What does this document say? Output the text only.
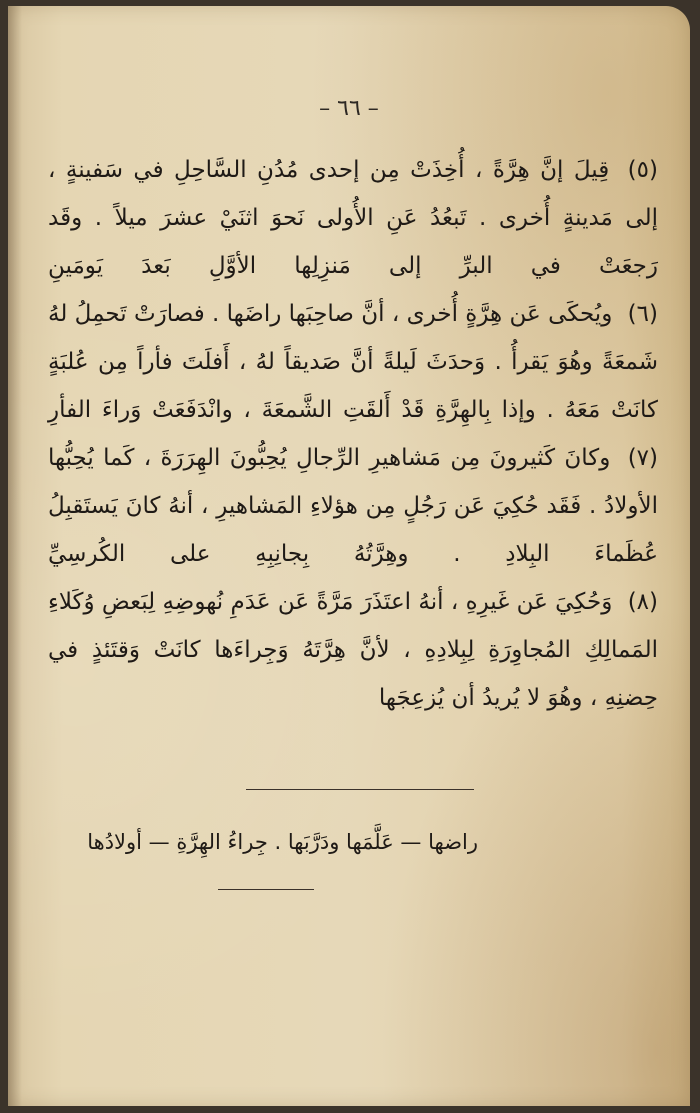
– ٦٦ –

(٥) قِيلَ إنَّ هِرَّةً ، أُخِذَتْ مِن إحدى مُدُنِ السَّاحِلِ في سَفينةٍ ، إلى مَدينةٍ أُخرى . تَبعُدُ عَنِ الأُولى نَحوَ اثنَيْ عشرَ ميلاً . وقَد رَجعَتْ في البرِّ إلى مَنزِلِها الأوَّلِ بَعدَ يَومَينِ

(٦) ويُحكَى عَن هِرَّةٍ أُخرى ، أنَّ صاحِبَها راضَها . فصارَتْ تَحمِلُ لهُ شَمعَةً وهُوَ يَقرأُ . وَحدَثَ لَيلةً أنَّ صَديقاً لهُ ، أَفلَتَ فأراً مِن عُلبَةٍ كانَتْ مَعَهُ . وإذا بِالهِرَّةِ قَدْ أَلقَتِ الشَّمعَةَ ، وانْدَفَعَتْ وَراءَ الفأرِ

(٧) وكانَ كَثيرونَ مِن مَشاهيرِ الرِّجالِ يُحِبُّونَ الهِرَرَةَ ، كَما يُحِبُّها الأولادُ . فَقَد حُكِيَ عَن رَجُلٍ مِن هؤلاءِ المَشاهيرِ ، أنهُ كانَ يَستَقبِلُ عُظَماءَ البِلادِ . وهِرَّتُهُ بِجانِبِهِ على الكُرسِيِّ

(٨) وَحُكِيَ عَن غَيرِهِ ، أنهُ اعتَذَرَ مَرَّةً عَن عَدَمِ نُهوضِهِ لِبَعضِ وُكَلاءِ المَمالِكِ المُجاوِرَةِ لِبِلادِهِ ، لأنَّ هِرَّتَهُ وَجِراءَها كانَتْ وَقتَئذٍ في حِضنِهِ ، وهُوَ لا يُريدُ أن يُزعِجَها

راضها — عَلَّمَها ودَرَّبَها . جِراءُ الهِرَّةِ — أولادُها
